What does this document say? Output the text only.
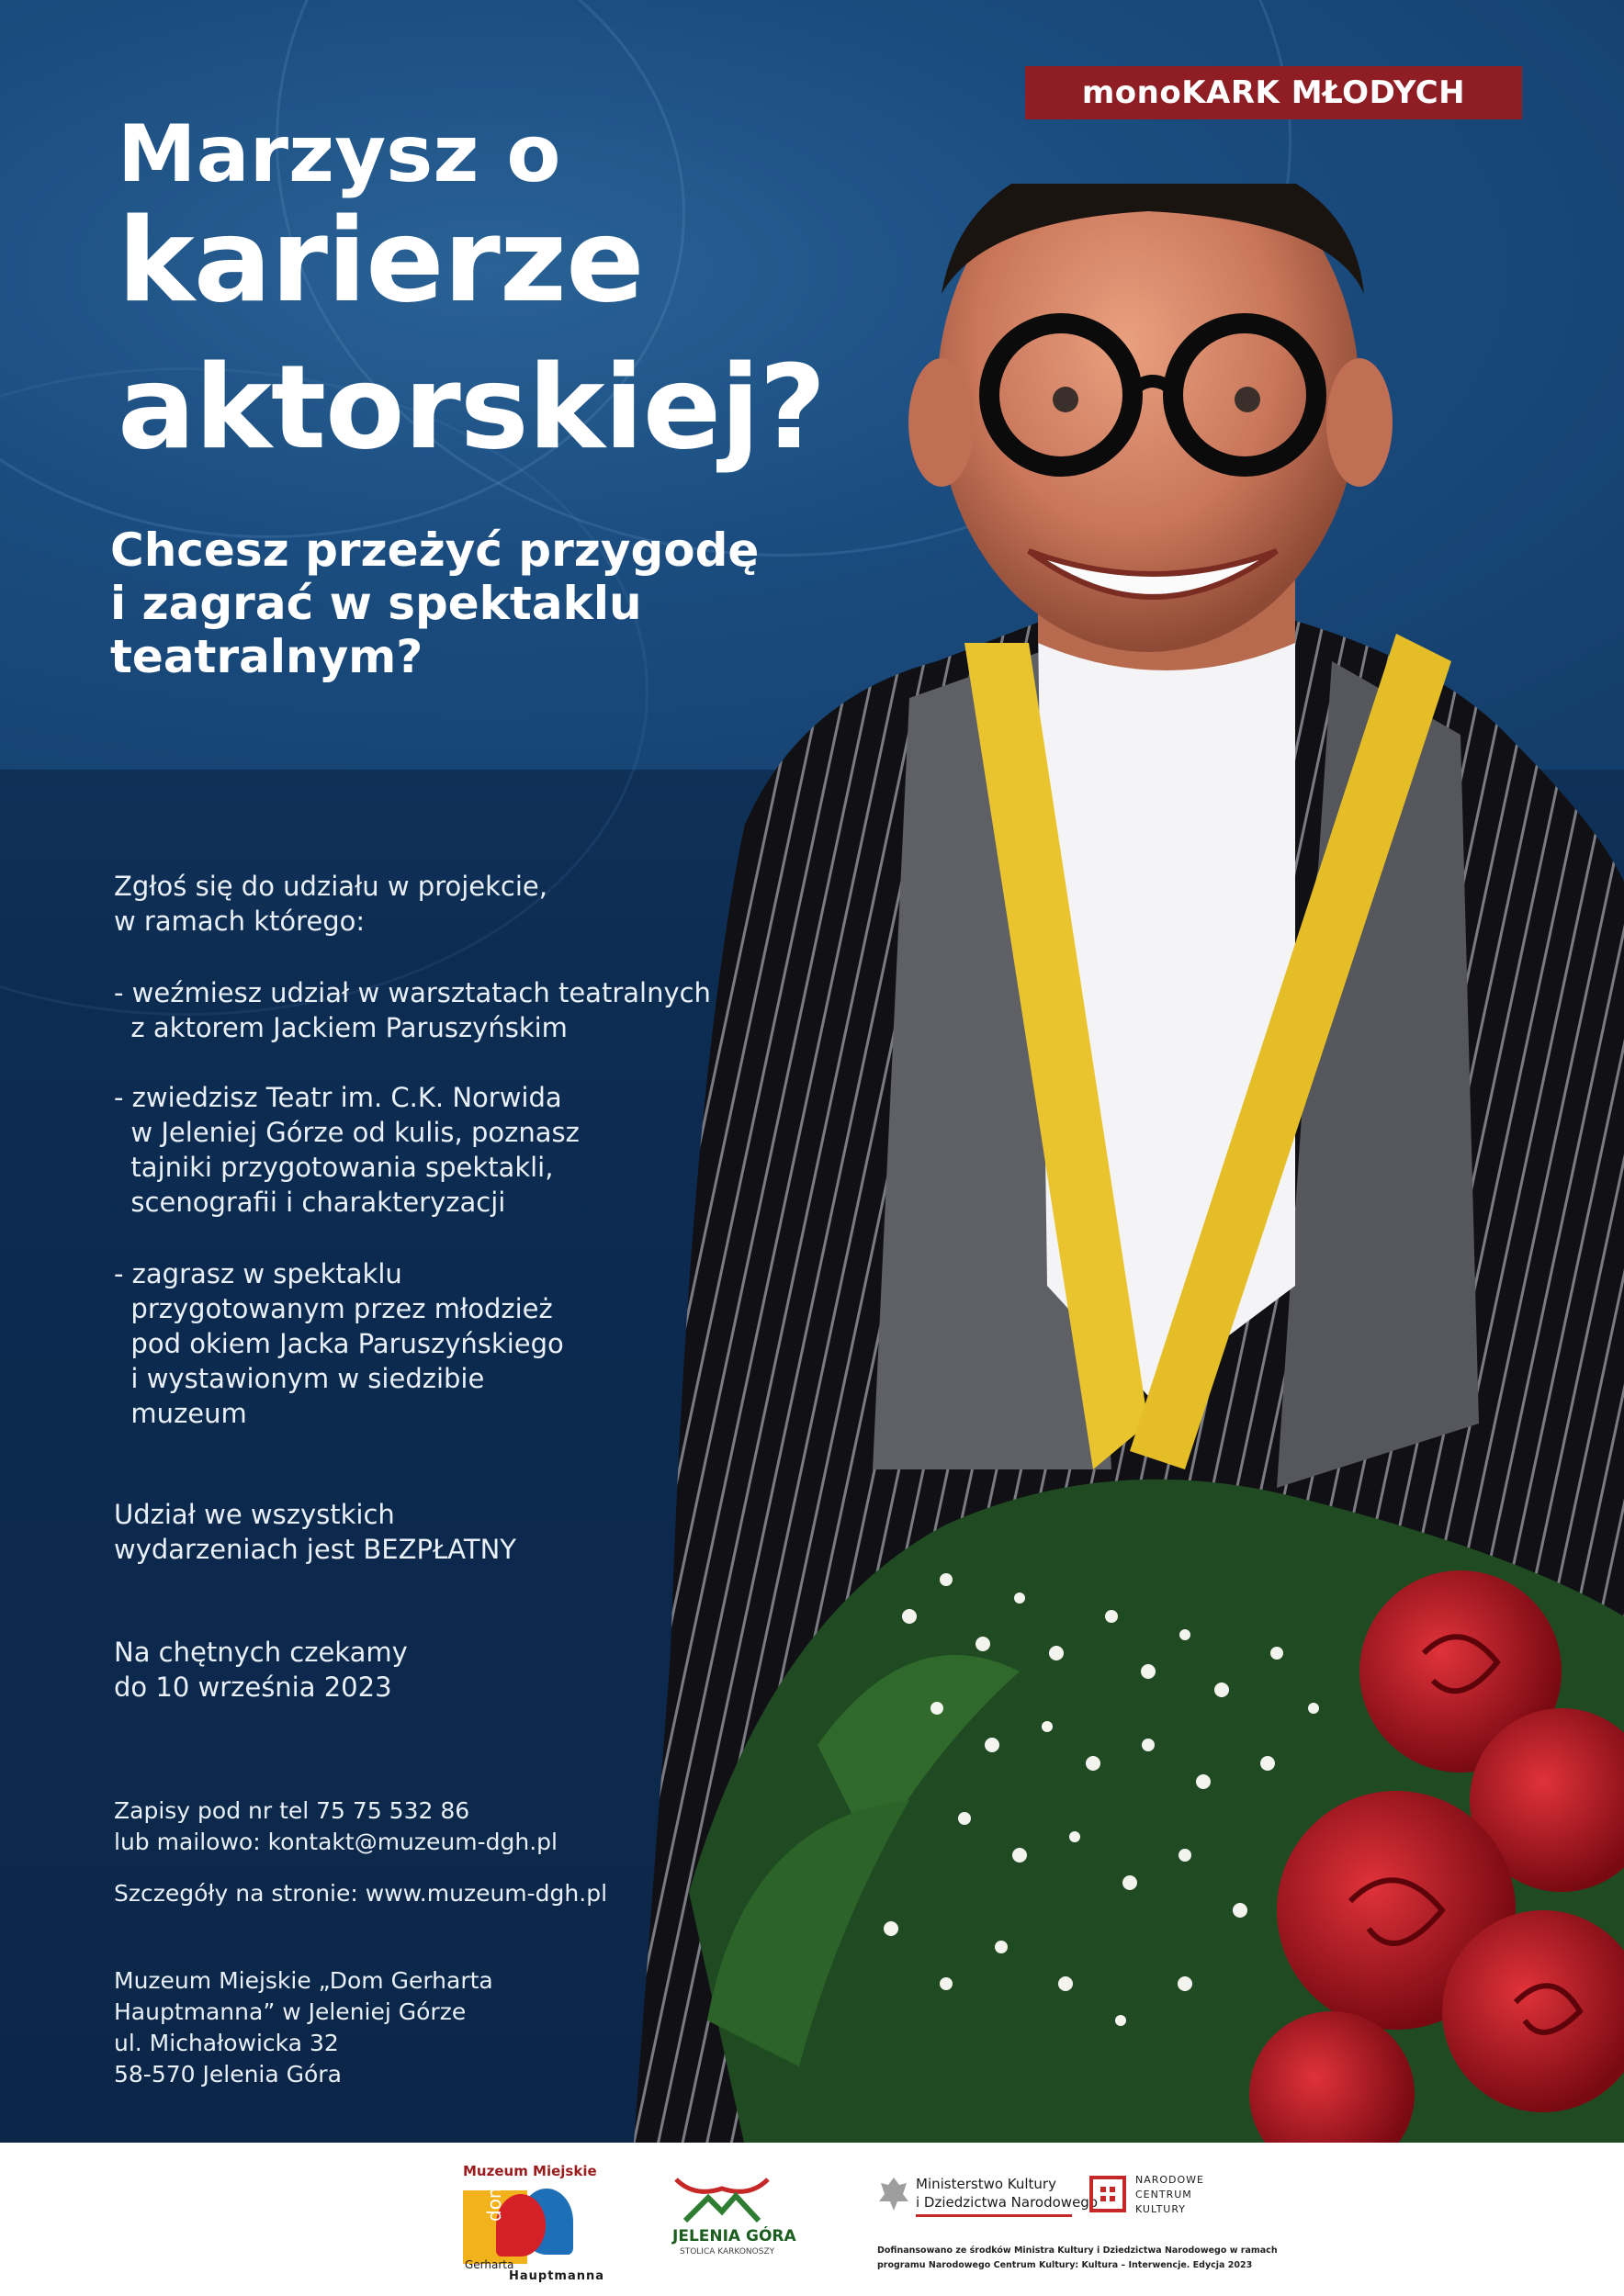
monoKARK MŁODYCH
Marzysz o
karierze
aktorskiej?
Chcesz przeżyć przygodę
i zagrać w spektaklu
teatralnym?
Zgłoś się do udziału w projekcie,
w ramach którego:
- weźmiesz udział w warsztatach teatralnych
z aktorem Jackiem Paruszyńskim
- zwiedzisz Teatr im. C.K. Norwida
w Jeleniej Górze od kulis, poznasz
tajniki przygotowania spektakli,
scenografii i charakteryzacji
- zagrasz w spektaklu
przygotowanym przez młodzież
pod okiem Jacka Paruszyńskiego
i wystawionym w siedzibie
muzeum
Udział we wszystkich
wydarzeniach jest BEZPŁATNY
Na chętnych czekamy
do 10 września 2023
Zapisy pod nr tel 75 75 532 86
lub mailowo: kontakt@muzeum-dgh.pl
Szczegóły na stronie: www.muzeum-dgh.pl
Muzeum Miejskie „Dom Gerharta
Hauptmanna” w Jeleniej Górze
ul. Michałowicka 32
58-570 Jelenia Góra
Muzeum Miejskie
dom
Gerharta
Hauptmanna
JELENIA GÓRA
STOLICA KARKONOSZY
Ministerstwo Kultury
i Dziedzictwa Narodowego
NARODOWE
CENTRUM
KULTURY
Dofinansowano ze środków Ministra Kultury i Dziedzictwa Narodowego w ramach
programu Narodowego Centrum Kultury: Kultura – Interwencje. Edycja 2023
